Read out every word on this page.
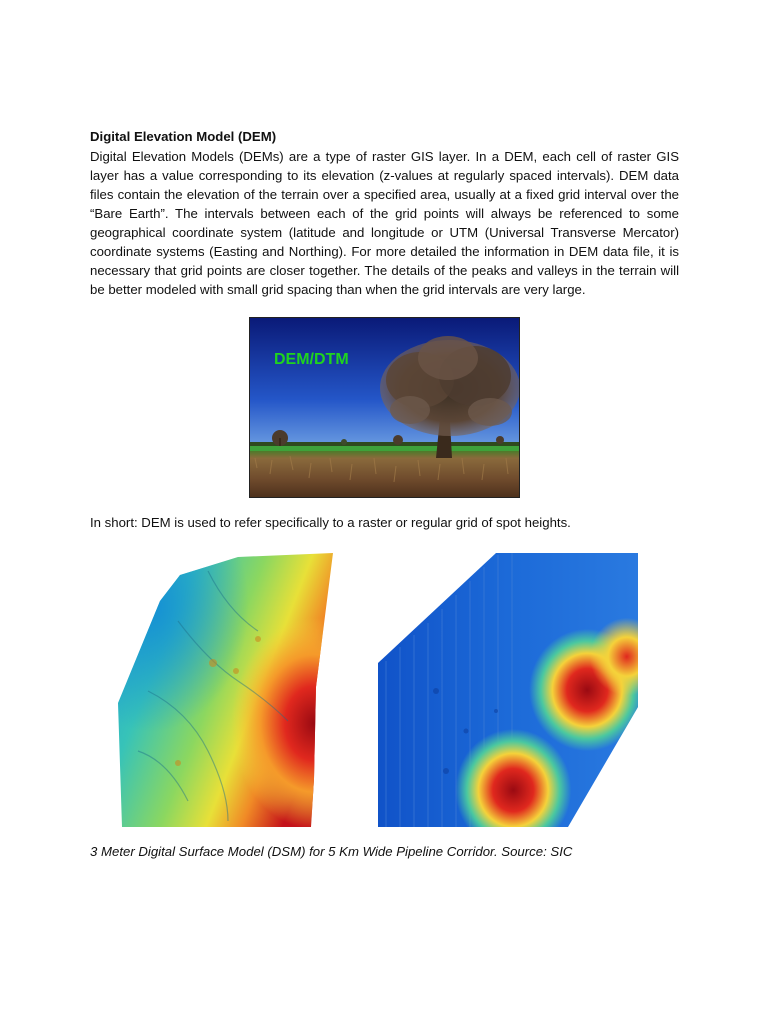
Digital Elevation Model (DEM)

Digital Elevation Models (DEMs) are a type of raster GIS layer. In a DEM, each cell of raster GIS layer has a value corresponding to its elevation (z-values at regularly spaced intervals). DEM data files contain the elevation of the terrain over a specified area, usually at a fixed grid interval over the “Bare Earth”. The intervals between each of the grid points will always be referenced to some geographical coordinate system (latitude and longitude or UTM (Universal Transverse Mercator) coordinate systems (Easting and Northing). For more detailed the information in DEM data file, it is necessary that grid points are closer together. The details of the peaks and valleys in the terrain will be better modeled with small grid spacing than when the grid intervals are very large.

DEM/DTM

In short: DEM is used to refer specifically to a raster or regular grid of spot heights.

3 Meter Digital Surface Model (DSM) for 5 Km Wide Pipeline Corridor. Source: SIC
